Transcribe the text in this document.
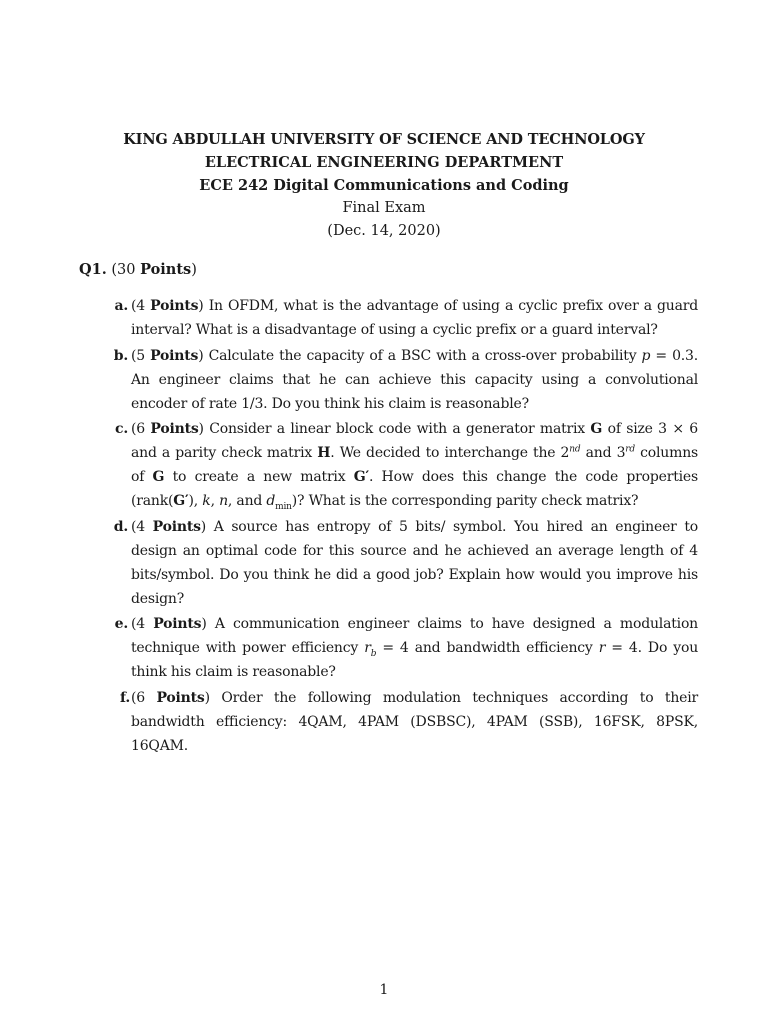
KING ABDULLAH UNIVERSITY OF SCIENCE AND TECHNOLOGY
ELECTRICAL ENGINEERING DEPARTMENT
ECE 242 Digital Communications and Coding
Final Exam
(Dec. 14, 2020)
Q1. (30 Points)
a. (4 Points) In OFDM, what is the advantage of using a cyclic prefix over a guard interval? What is a disadvantage of using a cyclic prefix or a guard interval?
b. (5 Points) Calculate the capacity of a BSC with a cross-over probability p = 0.3. An engineer claims that he can achieve this capacity using a convolutional encoder of rate 1/3. Do you think his claim is reasonable?
c. (6 Points) Consider a linear block code with a generator matrix G of size 3 × 6 and a parity check matrix H. We decided to interchange the 2nd and 3rd columns of G to create a new matrix G′. How does this change the code properties (rank(G′), k, n, and $d_{min}$)? What is the corresponding parity check matrix?
d. (4 Points) A source has entropy of 5 bits/ symbol. You hired an engineer to design an optimal code for this source and he achieved an average length of 4 bits/symbol. Do you think he did a good job? Explain how would you improve his design?
e. (4 Points) A communication engineer claims to have designed a modulation technique with power efficiency $r_b = 4$ and bandwidth efficiency r = 4. Do you think his claim is reasonable?
f. (6 Points) Order the following modulation techniques according to their bandwidth efficiency: 4QAM, 4PAM (DSBSC), 4PAM (SSB), 16FSK, 8PSK, 16QAM.
1
